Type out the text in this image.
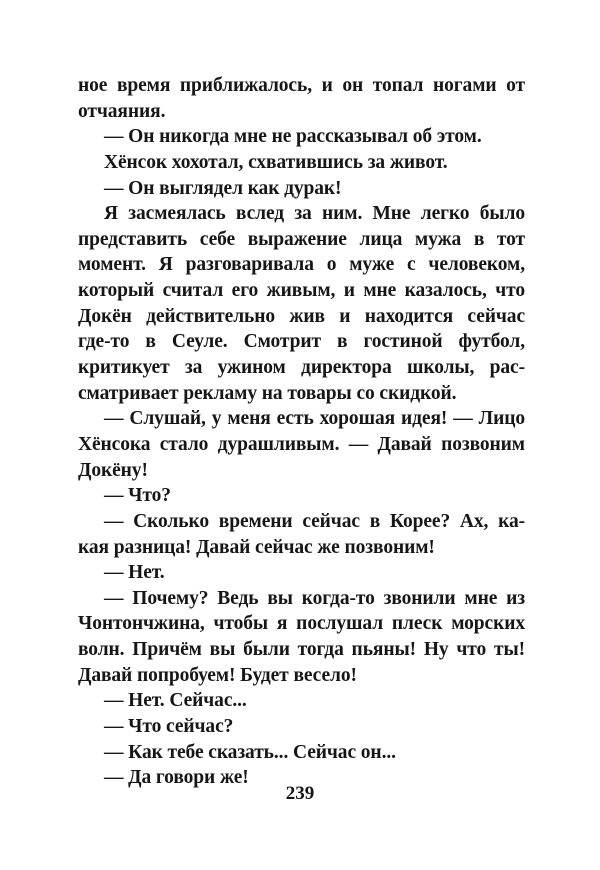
ное время приближалось, и он топал ногами от
отчаяния.
— Он никогда мне не рассказывал об этом.
Хёнсок хохотал, схватившись за живот.
— Он выглядел как дурак!
Я засмеялась вслед за ним. Мне легко было
представить себе выражение лица мужа в тот
момент. Я разговаривала о муже с человеком,
который считал его живым, и мне казалось, что
Докён действительно жив и находится сейчас
где-то в Сеуле. Смотрит в гостиной футбол,
критикует за ужином директора школы, рас-
сматривает рекламу на товары со скидкой.
— Слушай, у меня есть хорошая идея! — Лицо
Хёнсока стало дурашливым. — Давай позвоним
Докёну!
— Что?
— Сколько времени сейчас в Корее? Ах, ка-
кая разница! Давай сейчас же позвоним!
— Нет.
— Почему? Ведь вы когда-то звонили мне из
Чонтончжина, чтобы я послушал плеск морских
волн. Причём вы были тогда пьяны! Ну что ты!
Давай попробуем! Будет весело!
— Нет. Сейчас...
— Что сейчас?
— Как тебе сказать... Сейчас он...
— Да говори же!
239
